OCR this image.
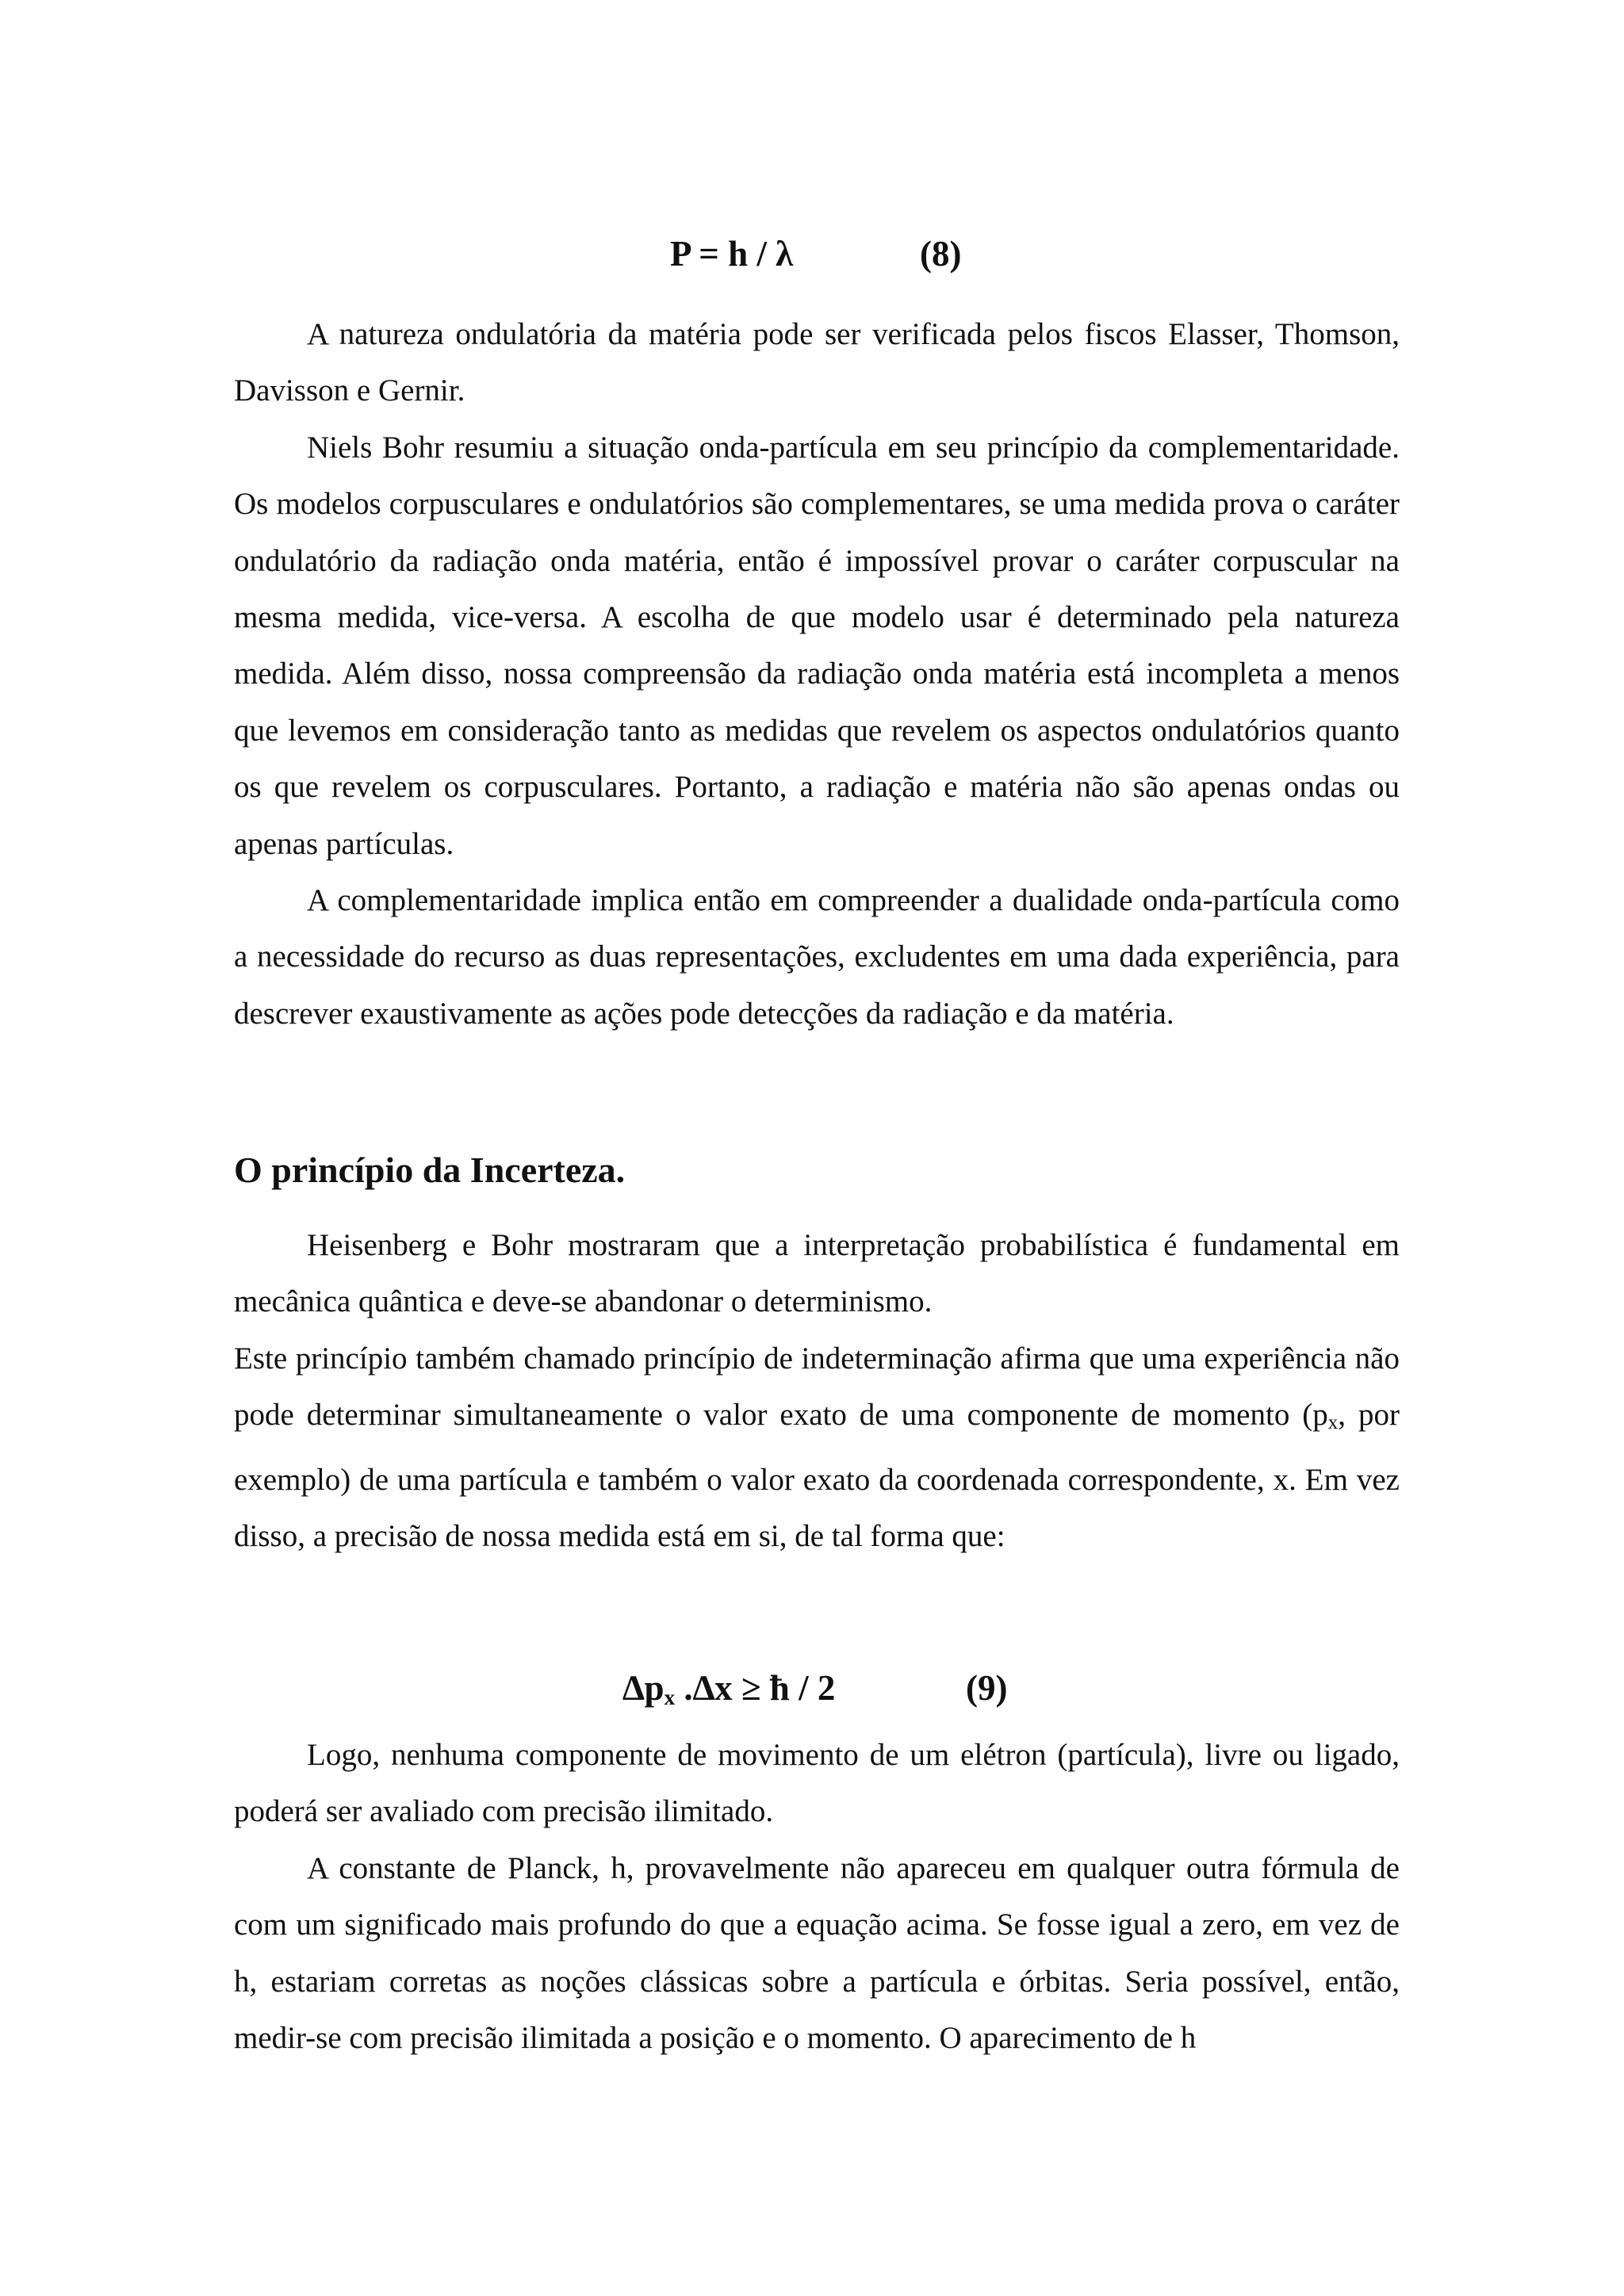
P = h / λ	(8)

A natureza ondulatória da matéria pode ser verificada pelos fiscos Elasser, Thomson, Davisson e Gernir.

Niels Bohr resumiu a situação onda-partícula em seu princípio da complementaridade. Os modelos corpusculares e ondulatórios são complementares, se uma medida prova o caráter ondulatório da radiação onda matéria, então é impossível provar o caráter corpuscular na mesma medida, vice-versa. A escolha de que modelo usar é determinado pela natureza medida. Além disso, nossa compreensão da radiação onda matéria está incompleta a menos que levemos em consideração tanto as medidas que revelem os aspectos ondulatórios quanto os que revelem os corpusculares. Portanto, a radiação e matéria não são apenas ondas ou apenas partículas.

A complementaridade implica então em compreender a dualidade onda-partícula como a necessidade do recurso as duas representações, excludentes em uma dada experiência, para descrever exaustivamente as ações pode detecções da radiação e da matéria.

O princípio da Incerteza.

Heisenberg e Bohr mostraram que a interpretação probabilística é fundamental em mecânica quântica e deve-se abandonar o determinismo.

Este princípio também chamado princípio de indeterminação afirma que uma experiência não pode determinar simultaneamente o valor exato de uma componente de momento ($p_x$, por exemplo) de uma partícula e também o valor exato da coordenada correspondente, x. Em vez disso, a precisão de nossa medida está em si, de tal forma que:

$\Delta p_x$ .∆x ≥ ħ / 2	(9)

Logo, nenhuma componente de movimento de um elétron (partícula), livre ou ligado, poderá ser avaliado com precisão ilimitado.

A constante de Planck, h, provavelmente não apareceu em qualquer outra fórmula de com um significado mais profundo do que a equação acima. Se fosse igual a zero, em vez de h, estariam corretas as noções clássicas sobre a partícula e órbitas. Seria possível, então, medir-se com precisão ilimitada a posição e o momento. O aparecimento de h
